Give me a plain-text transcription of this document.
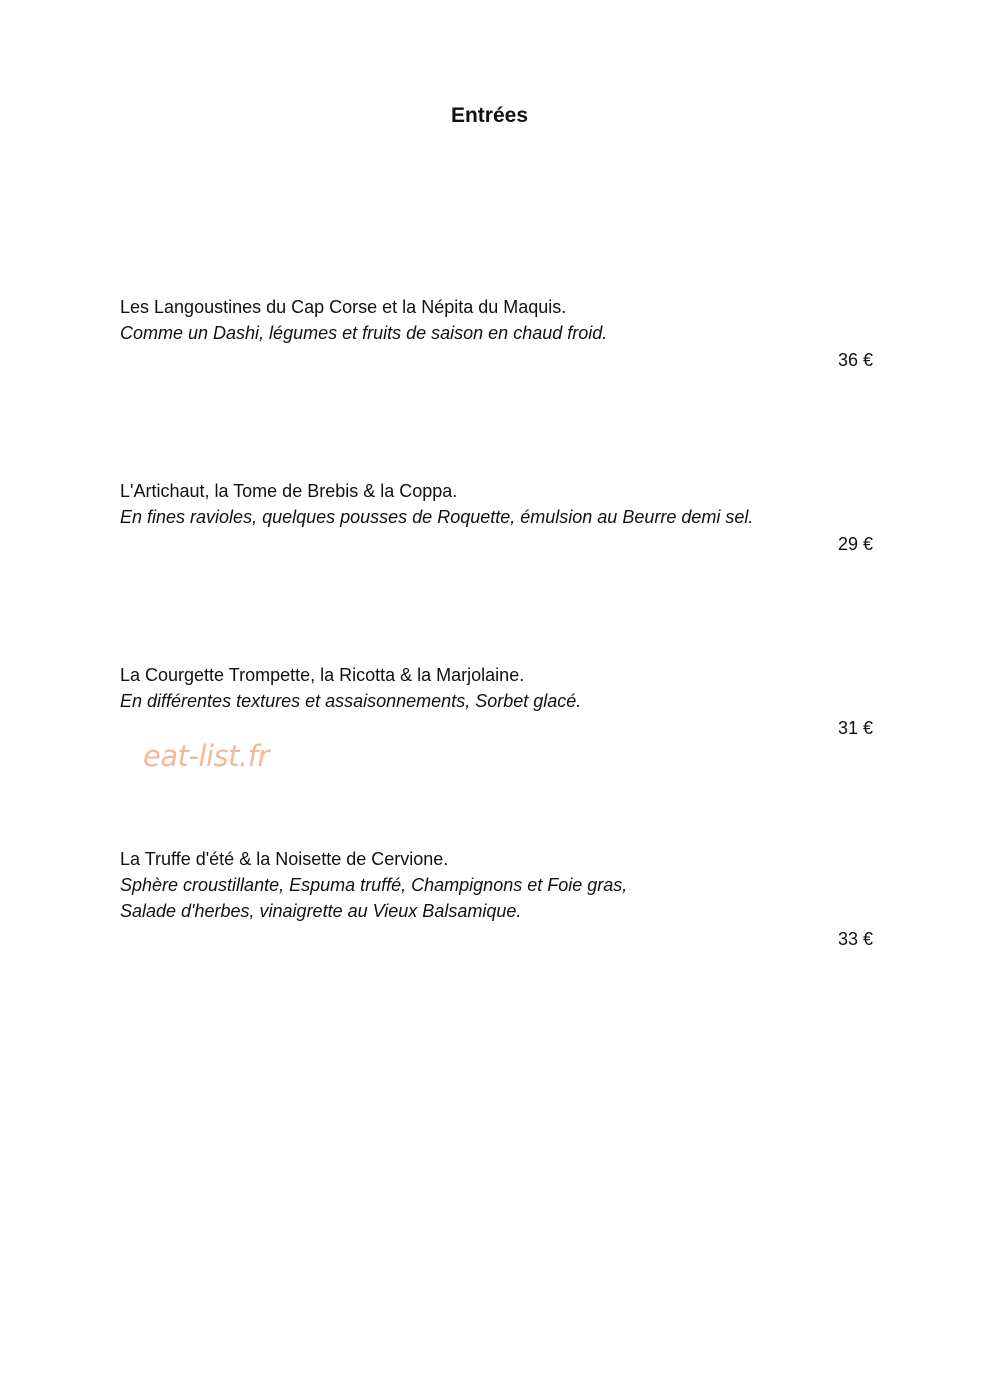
Entrées

Les Langoustines du Cap Corse et la Népita du Maquis.

Comme un Dashi, légumes et fruits de saison en chaud froid.

36 €

L'Artichaut, la Tome de Brebis & la Coppa.

En fines ravioles, quelques pousses de Roquette, émulsion au Beurre demi sel.

29 €

La Courgette Trompette, la Ricotta & la Marjolaine.

En différentes textures et assaisonnements, Sorbet glacé.

31 €
eat-list.fr

La Truffe d'été & la Noisette de Cervione.

Sphère croustillante, Espuma truffé, Champignons et Foie gras,

Salade d'herbes, vinaigrette au Vieux Balsamique.

33 €
